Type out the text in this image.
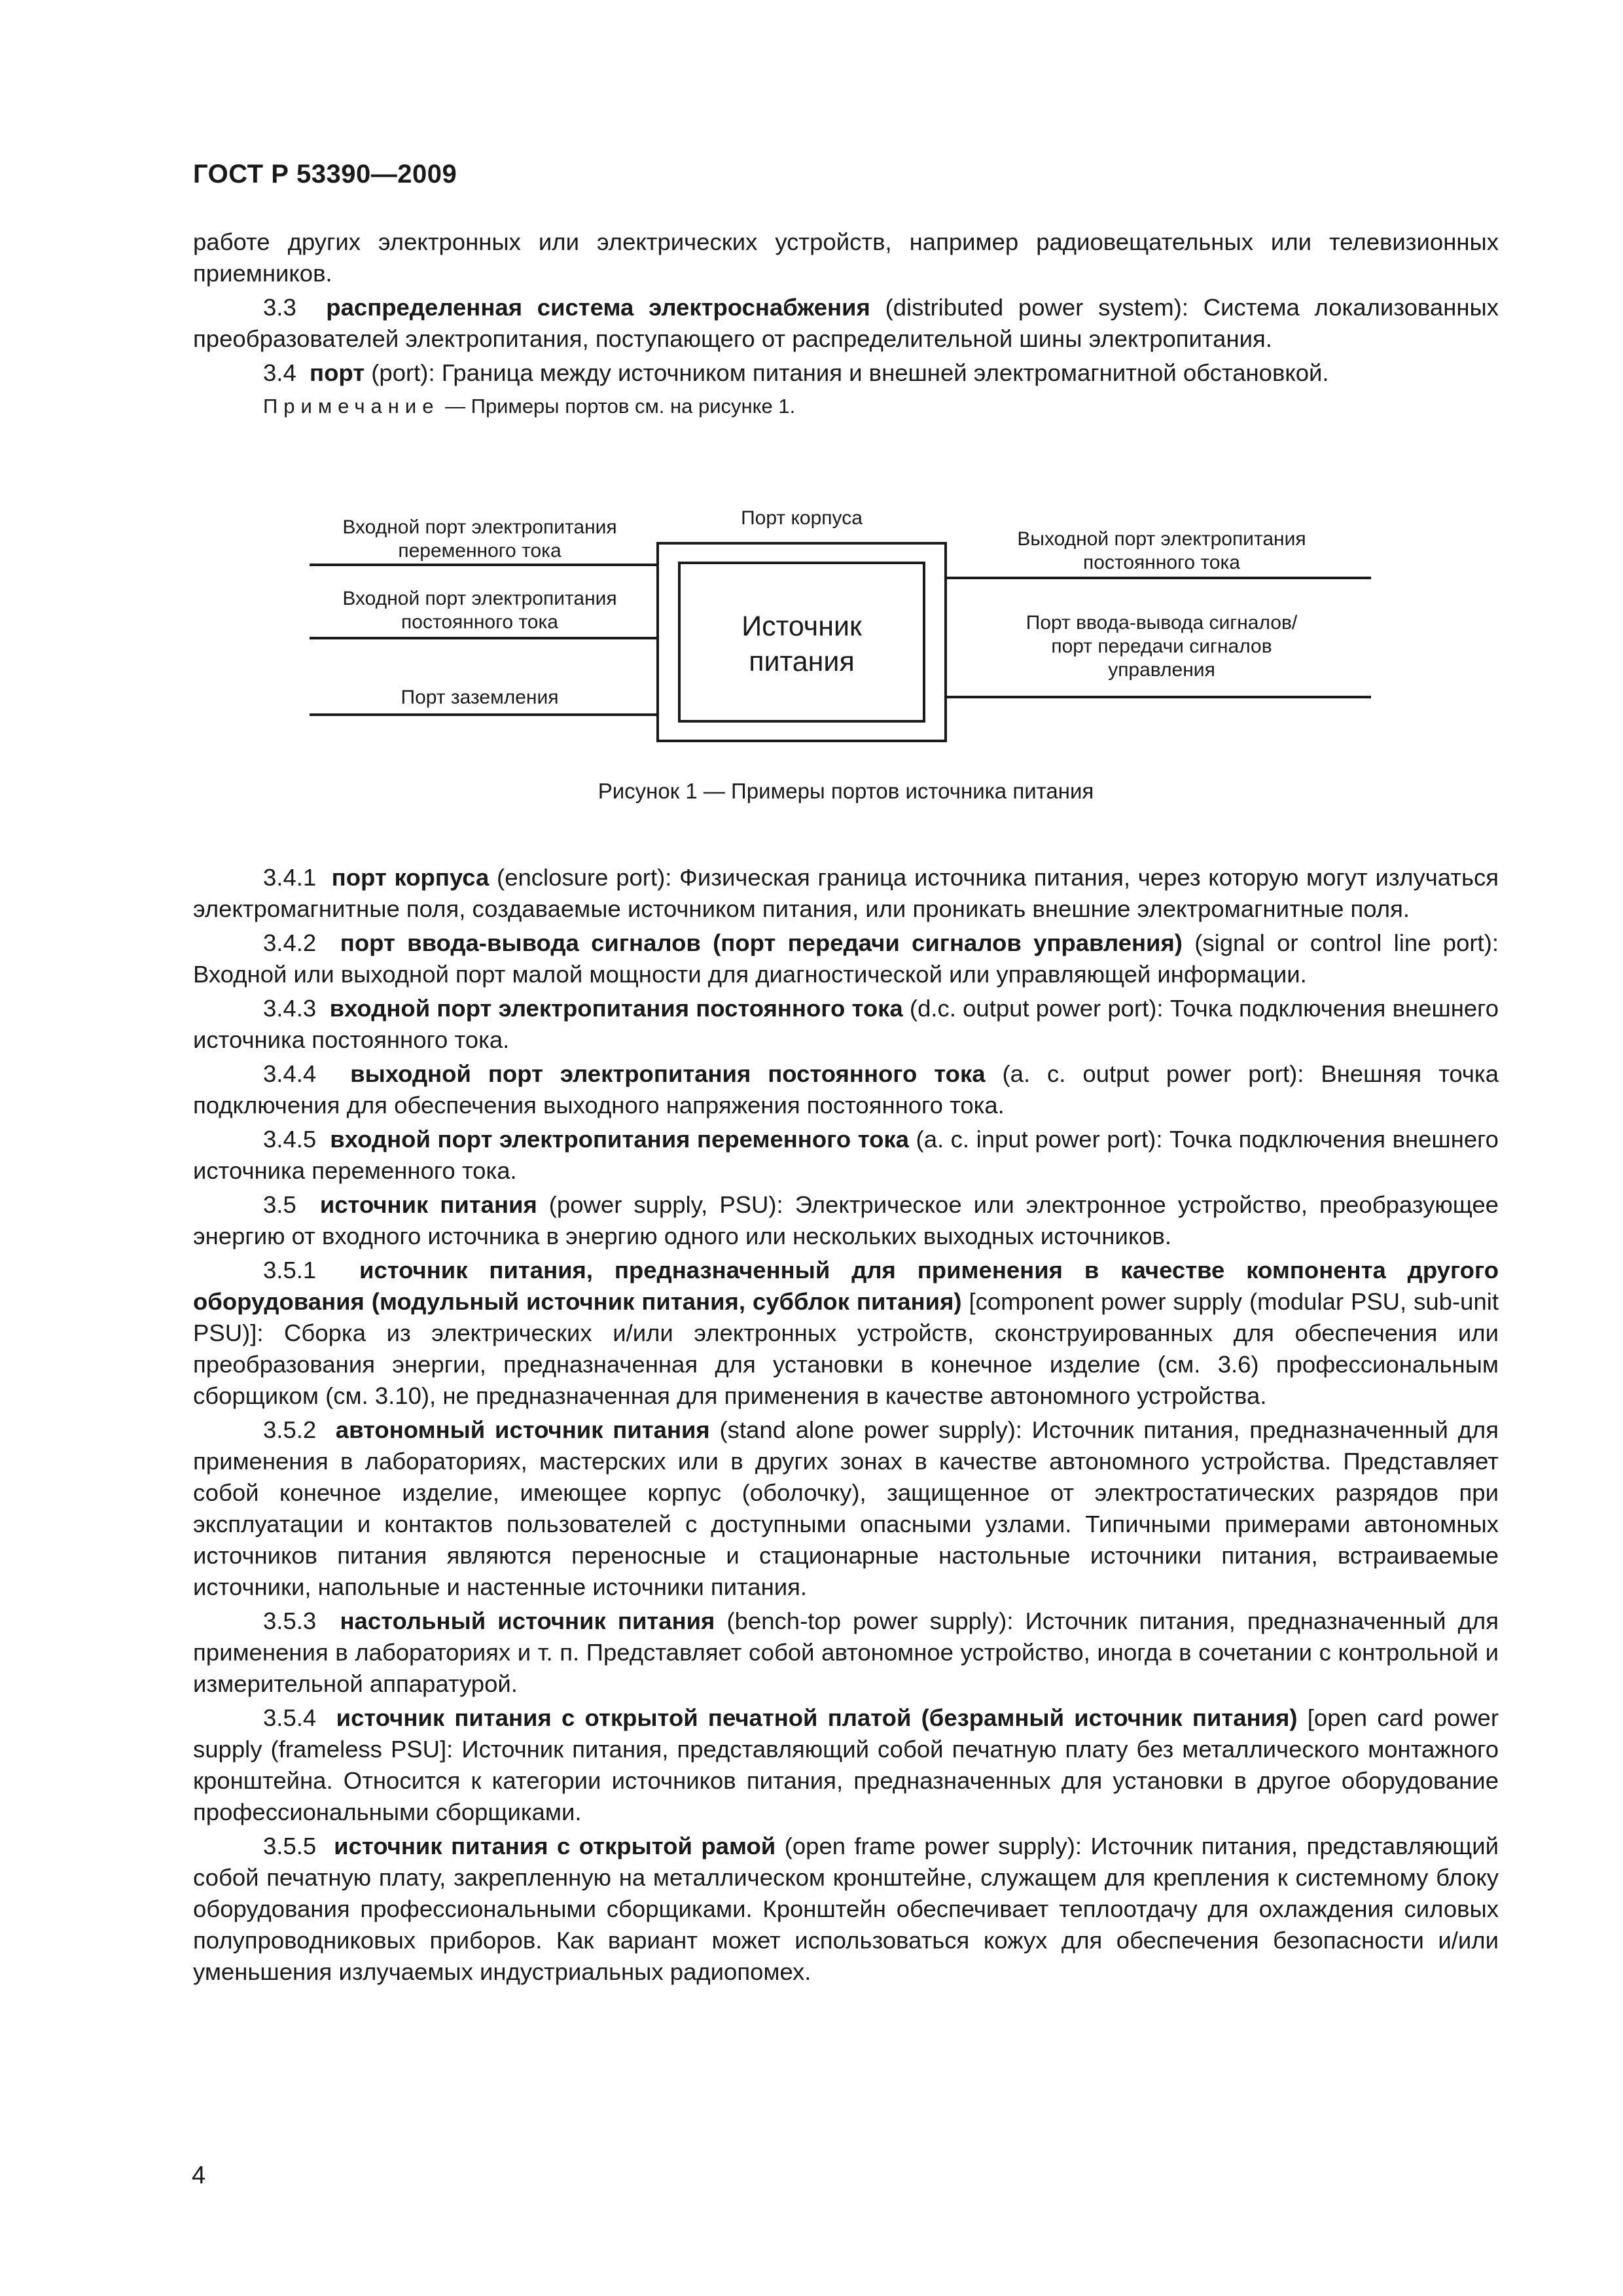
ГОСТ Р 53390—2009

работе других электронных или электрических устройств, например радиовещательных или телевизионных приемников.

3.3 распределенная система электроснабжения (distributed power system): Система локализованных преобразователей электропитания, поступающего от распределительной шины электропитания.

3.4 порт (port): Граница между источником питания и внешней электромагнитной обстановкой.

Примечание — Примеры портов см. на рисунке 1.

Входной порт электропитания
переменного тока
Входной порт электропитания
постоянного тока
Порт заземления
Порт корпуса
Источник
питания
Выходной порт электропитания
постоянного тока
Порт ввода-вывода сигналов/
порт передачи сигналов
управления
Рисунок 1 — Примеры портов источника питания

3.4.1 порт корпуса (enclosure port): Физическая граница источника питания, через которую могут излучаться электромагнитные поля, создаваемые источником питания, или проникать внешние электромагнитные поля.

3.4.2 порт ввода-вывода сигналов (порт передачи сигналов управления) (signal or control line port): Входной или выходной порт малой мощности для диагностической или управляющей информации.

3.4.3 входной порт электропитания постоянного тока (d.c. output power port): Точка подключения внешнего источника постоянного тока.

3.4.4 выходной порт электропитания постоянного тока (a. c. output power port): Внешняя точка подключения для обеспечения выходного напряжения постоянного тока.

3.4.5 входной порт электропитания переменного тока (a. c. input power port): Точка подключения внешнего источника переменного тока.

3.5 источник питания (power supply, PSU): Электрическое или электронное устройство, преобразующее энергию от входного источника в энергию одного или нескольких выходных источников.

3.5.1 источник питания, предназначенный для применения в качестве компонента другого оборудования (модульный источник питания, субблок питания) [component power supply (modular PSU, sub-unit PSU)]: Сборка из электрических и/или электронных устройств, сконструированных для обеспечения или преобразования энергии, предназначенная для установки в конечное изделие (см. 3.6) профессиональным сборщиком (см. 3.10), не предназначенная для применения в качестве автономного устройства.

3.5.2 автономный источник питания (stand alone power supply): Источник питания, предназначенный для применения в лабораториях, мастерских или в других зонах в качестве автономного устройства. Представляет собой конечное изделие, имеющее корпус (оболочку), защищенное от электростатических разрядов при эксплуатации и контактов пользователей с доступными опасными узлами. Типичными примерами автономных источников питания являются переносные и стационарные настольные источники питания, встраиваемые источники, напольные и настенные источники питания.

3.5.3 настольный источник питания (bench-top power supply): Источник питания, предназначенный для применения в лабораториях и т. п. Представляет собой автономное устройство, иногда в сочетании с контрольной и измерительной аппаратурой.

3.5.4 источник питания с открытой печатной платой (безрамный источник питания) [open card power supply (frameless PSU]: Источник питания, представляющий собой печатную плату без металлического монтажного кронштейна. Относится к категории источников питания, предназначенных для установки в другое оборудование профессиональными сборщиками.

3.5.5 источник питания с открытой рамой (open frame power supply): Источник питания, представляющий собой печатную плату, закрепленную на металлическом кронштейне, служащем для крепления к системному блоку оборудования профессиональными сборщиками. Кронштейн обеспечивает теплоотдачу для охлаждения силовых полупроводниковых приборов. Как вариант может использоваться кожух для обеспечения безопасности и/или уменьшения излучаемых индустриальных радиопомех.

4
